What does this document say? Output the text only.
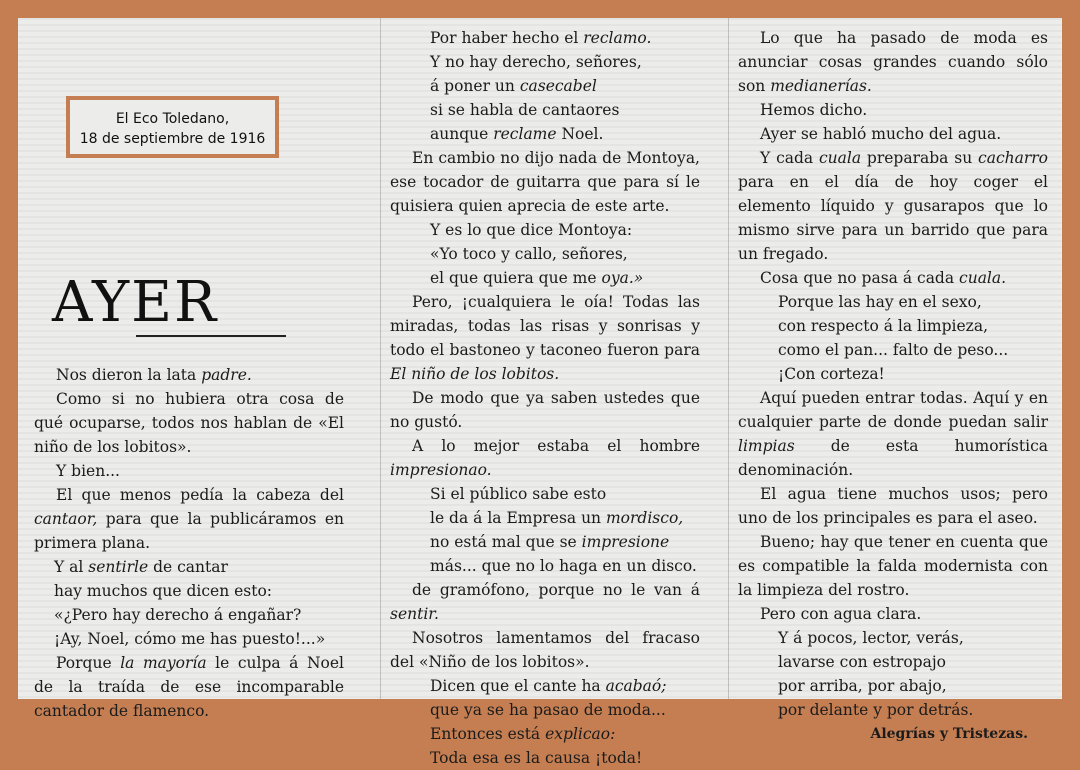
Nos dieron la lata padre.

Como si no hubiera otra cosa de qué ocuparse, todos nos hablan de «El niño de los lobitos».

Y bien...

El que menos pedía la cabeza del cantaor, para que la publicáramos en primera plana.

Y al sentirle de cantar

hay muchos que dicen esto:

«¿Pero hay derecho á engañar?

¡Ay, Noel, cómo me has puesto!...»

Porque la mayoría le culpa á Noel de la traída de ese incomparable cantador de flamenco.

Por haber hecho el reclamo.

Y no hay derecho, señores,

á poner un casecabel

si se habla de cantaores

aunque reclame Noel.

En cambio no dijo nada de Montoya, ese tocador de guitarra que para sí le quisiera quien aprecia de este arte.

Y es lo que dice Montoya:

«Yo toco y callo, señores,

el que quiera que me oya.»

Pero, ¡cualquiera le oía! Todas las miradas, todas las risas y sonrisas y todo el bastoneo y taconeo fueron para El niño de los lobitos.

De modo que ya saben ustedes que no gustó.

A lo mejor estaba el hombre impresionao.

Si el público sabe esto

le da á la Empresa un mordisco,

no está mal que se impresione

más... que no lo haga en un disco.

de gramófono, porque no le van á sentir.

Nosotros lamentamos del fracaso del «Niño de los lobitos».

Dicen que el cante ha acabaó;

que ya se ha pasao de moda...

Entonces está explicao:

Toda esa es la causa ¡toda!

Lo que ha pasado de moda es anunciar cosas grandes cuando sólo son medianerías.

Hemos dicho.

Ayer se habló mucho del agua.

Y cada cuala preparaba su cacharro para en el día de hoy coger el elemento líquido y gusarapos que lo mismo sirve para un barrido que para un fregado.

Cosa que no pasa á cada cuala.

Porque las hay en el sexo,

con respecto á la limpieza,

como el pan... falto de peso...

¡Con corteza!

Aquí pueden entrar todas. Aquí y en cualquier parte de donde puedan salir limpias de esta humorística denominación.

El agua tiene muchos usos; pero uno de los principales es para el aseo.

Bueno; hay que tener en cuenta que es compatible la falda modernista con la limpieza del rostro.

Pero con agua clara.

Y á pocos, lector, verás,

lavarse con estropajo

por arriba, por abajo,

por delante y por detrás.

Alegrías y Tristezas.

El Eco Toledano,
18 de septiembre de 1916
AYER
